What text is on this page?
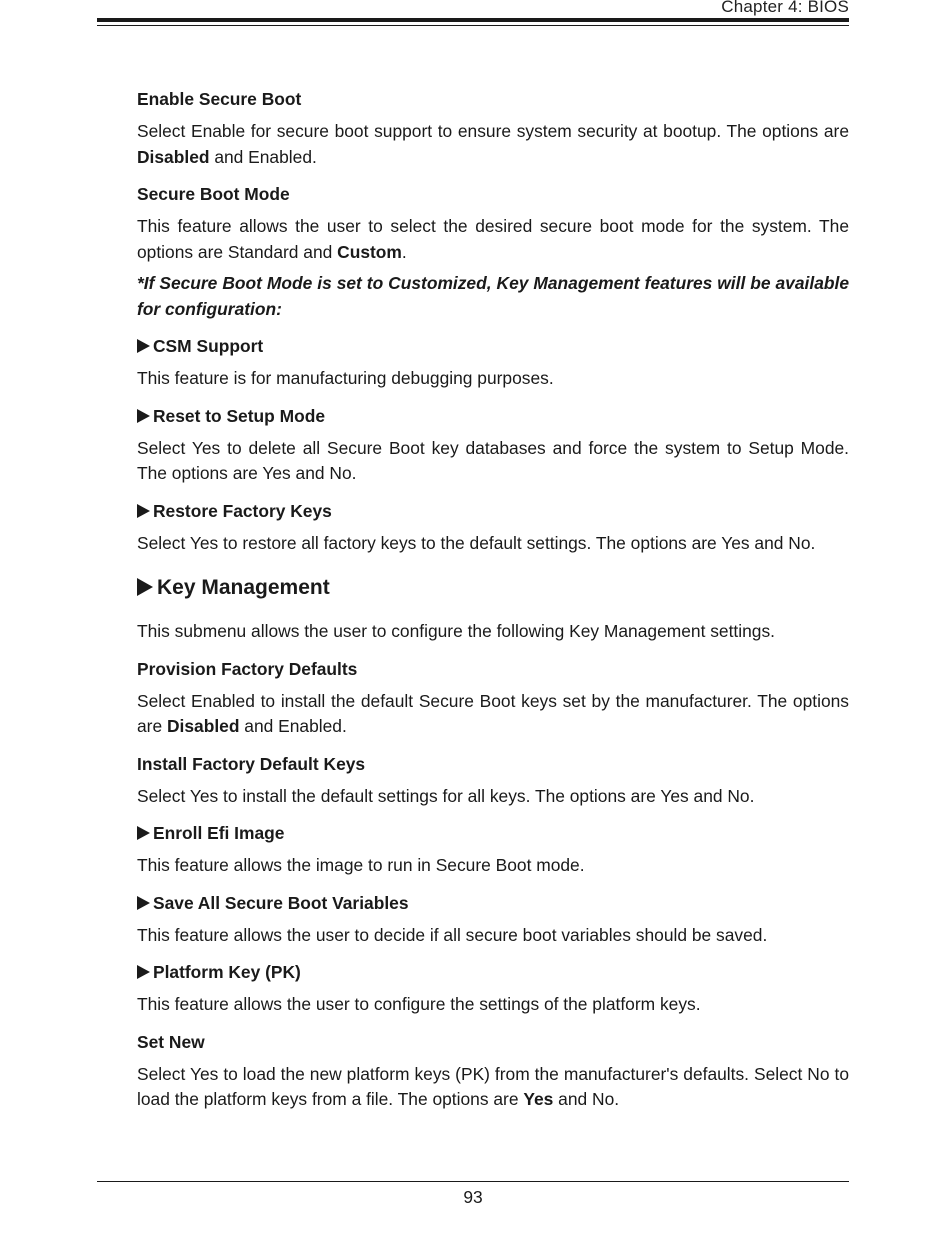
Chapter 4: BIOS

Enable Secure Boot

Select Enable for secure boot support to ensure system security at bootup. The options are Disabled and Enabled.

Secure Boot Mode

This feature allows the user to select the desired secure boot mode for the system. The options are Standard and Custom.

*If Secure Boot Mode is set to Customized, Key Management features will be available for configuration:

CSM Support

This feature is for manufacturing debugging purposes.

Reset to Setup Mode

Select Yes to delete all Secure Boot key databases and force the system to Setup Mode. The options are Yes and No.

Restore Factory Keys

Select Yes to restore all factory keys to the default settings. The options are Yes and No.

Key Management

This submenu allows the user to configure the following Key Management settings.

Provision Factory Defaults

Select Enabled to install the default Secure Boot keys set by the manufacturer. The options are Disabled and Enabled.

Install Factory Default Keys

Select Yes to install the default settings for all keys. The options are Yes and No.

Enroll Efi Image

This feature allows the image to run in Secure Boot mode.

Save All Secure Boot Variables

This feature allows the user to decide if all secure boot variables should be saved.

Platform Key (PK)

This feature allows the user to configure the settings of the platform keys.

Set New

Select Yes to load the new platform keys (PK) from the manufacturer's defaults. Select No to load the platform keys from a file. The options are Yes and No.

93
